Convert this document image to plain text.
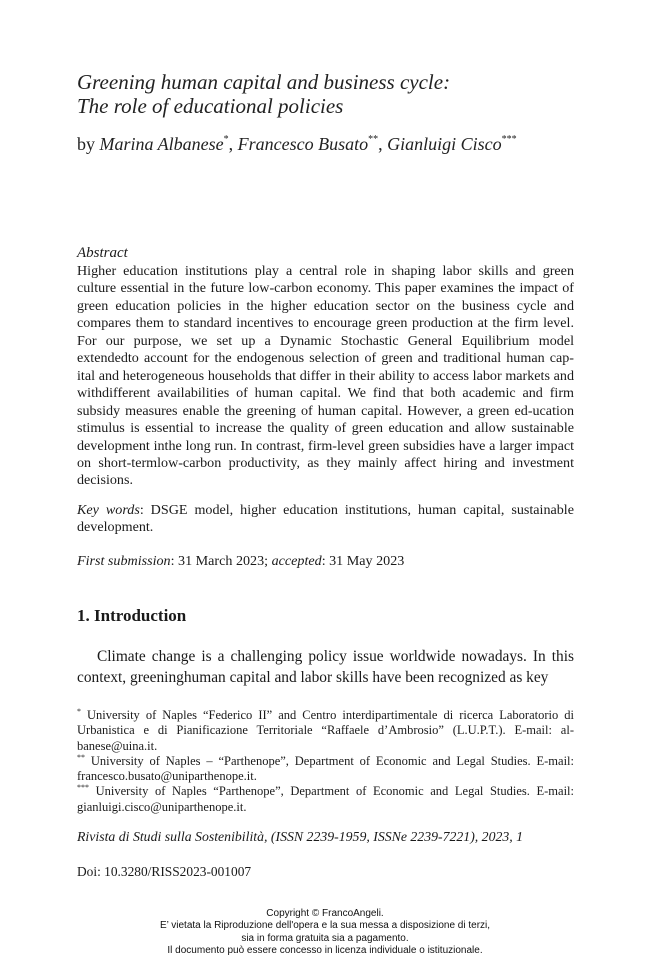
Greening human capital and business cycle:
The role of educational policies
by Marina Albanese*, Francesco Busato**, Gianluigi Cisco***
Abstract
Higher education institutions play a central role in shaping labor skills and green culture essential in the future low-carbon economy. This paper examines the impact of green education policies in the higher education sector on the business cycle and compares them to standard incentives to encourage green production at the firm level. For our purpose, we set up a Dynamic Stochastic General Equilibrium model extendedto account for the endogenous selection of green and traditional human cap-ital and heterogeneous households that differ in their ability to access labor markets and withdifferent availabilities of human capital. We find that both academic and firm subsidy measures enable the greening of human capital. However, a green ed-ucation stimulus is essential to increase the quality of green education and allow sustainable development inthe long run. In contrast, firm-level green subsidies have a larger impact on short-termlow-carbon productivity, as they mainly affect hiring and investment decisions.
Key words: DSGE model, higher education institutions, human capital, sustainable development.
First submission: 31 March 2023; accepted: 31 May 2023
1. Introduction
Climate change is a challenging policy issue worldwide nowadays. In this context, greeninghuman capital and labor skills have been recognized as key

* University of Naples “Federico II” and Centro interdipartimentale di ricerca Laboratorio di Urbanistica e di Pianificazione Territoriale “Raffaele d’Ambrosio” (L.U.P.T.). E-mail: al-banese@uina.it.

** University of Naples – “Parthenope”, Department of Economic and Legal Studies. E-mail: francesco.busato@uniparthenope.it.

*** University of Naples “Parthenope”, Department of Economic and Legal Studies. E-mail: gianluigi.cisco@uniparthenope.it.

Rivista di Studi sulla Sostenibilità, (ISSN 2239-1959, ISSNe 2239-7221), 2023, 1
Doi: 10.3280/RISS2023-001007
Copyright © FrancoAngeli.
E’ vietata la Riproduzione dell'opera e la sua messa a disposizione di terzi,
sia in forma gratuita sia a pagamento.
Il documento può essere concesso in licenza individuale o istituzionale.
